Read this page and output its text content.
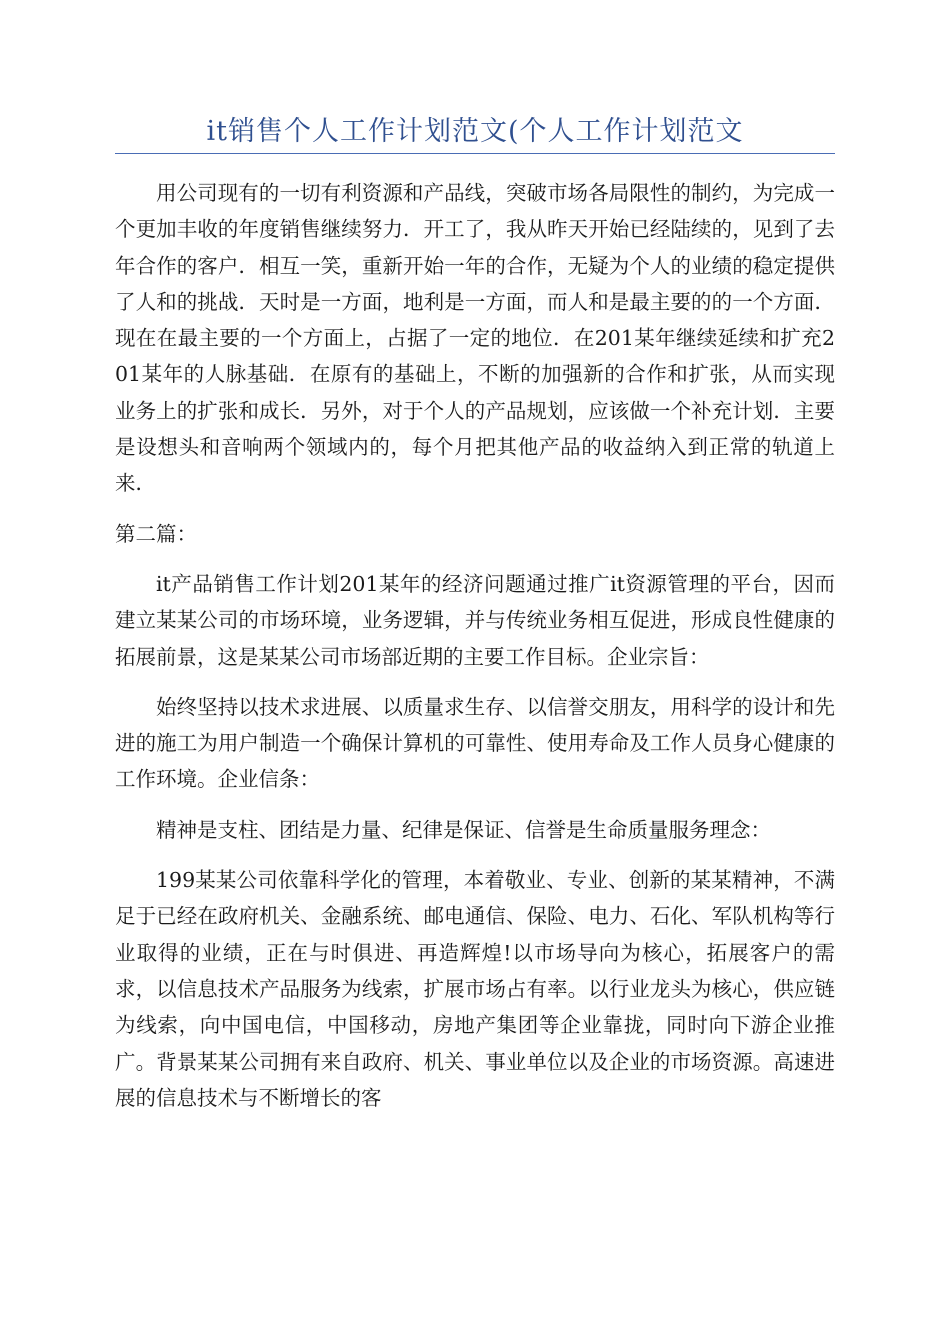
it销售个人工作计划范文(个人工作计划范文

用公司现有的一切有利资源和产品线，突破市场各局限性的制约，为完成一个更加丰收的年度销售继续努力．开工了，我从昨天开始已经陆续的，见到了去年合作的客户．相互一笑，重新开始一年的合作，无疑为个人的业绩的稳定提供了人和的挑战．天时是一方面，地利是一方面，而人和是最主要的的一个方面．现在在最主要的一个方面上，占据了一定的地位．在201某年继续延续和扩充201某年的人脉基础．在原有的基础上，不断的加强新的合作和扩张，从而实现业务上的扩张和成长．另外，对于个人的产品规划，应该做一个补充计划．主要是设想头和音响两个领域内的，每个月把其他产品的收益纳入到正常的轨道上来．

第二篇：

it产品销售工作计划201某年的经济问题通过推广it资源管理的平台，因而建立某某公司的市场环境，业务逻辑，并与传统业务相互促进，形成良性健康的拓展前景，这是某某公司市场部近期的主要工作目标。企业宗旨：

始终坚持以技术求进展、以质量求生存、以信誉交朋友，用科学的设计和先进的施工为用户制造一个确保计算机的可靠性、使用寿命及工作人员身心健康的工作环境。企业信条：

精神是支柱、团结是力量、纪律是保证、信誉是生命质量服务理念：

199某某公司依靠科学化的管理，本着敬业、专业、创新的某某精神，不满足于已经在政府机关、金融系统、邮电通信、保险、电力、石化、军队机构等行业取得的业绩，正在与时俱进、再造辉煌!以市场导向为核心，拓展客户的需求，以信息技术产品服务为线索，扩展市场占有率。以行业龙头为核心，供应链为线索，向中国电信，中国移动，房地产集团等企业靠拢，同时向下游企业推广。背景某某公司拥有来自政府、机关、事业单位以及企业的市场资源。高速进展的信息技术与不断增长的客
